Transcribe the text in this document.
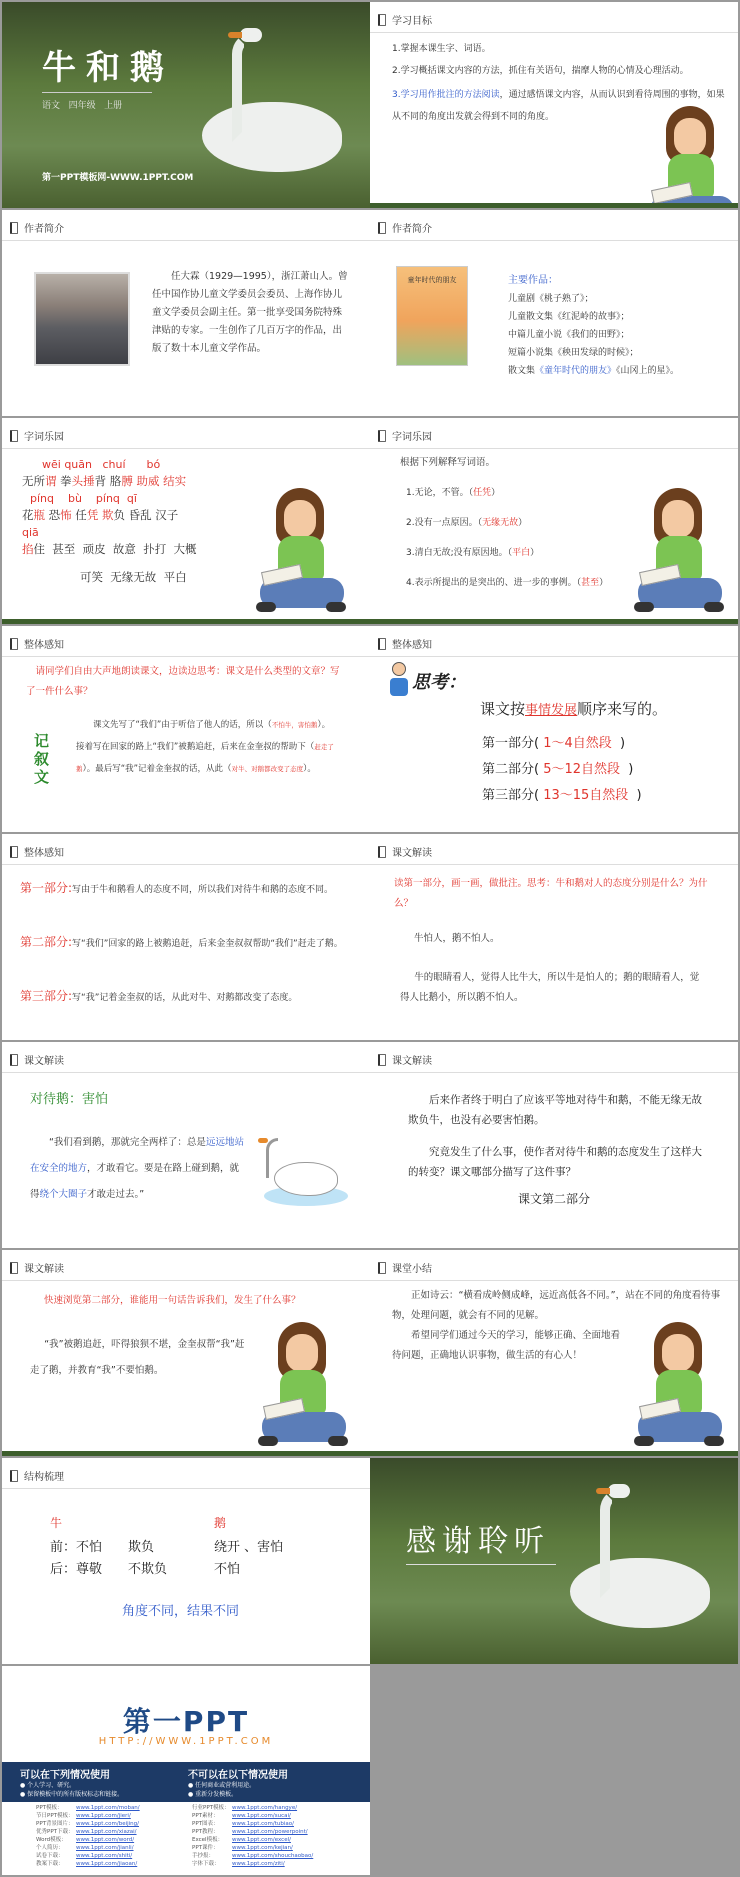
牛和鹅
语文   四年级   上册
第一PPT模板网-WWW.1PPT.COM
学习目标
1.掌握本课生字、词语。
2.学习概括课文内容的方法，抓住有关语句，揣摩人物的心情及心理活动。
3.学习用作批注的方法阅读，通过感悟课文内容，从而认识到看待周围的事物，如果从不同的角度出发就会得到不同的角度。
作者简介
任大霖（1929—1995），浙江萧山人。曾任中国作协儿童文学委员会委员、上海作协儿童文学委员会副主任。第一批享受国务院特殊津贴的专家。一生创作了几百万字的作品，出版了数十本儿童文学作品。
作者简介
童年时代的朋友	主要作品：
儿童剧《桃子熟了》；
儿童散文集《红泥岭的故事》；
中篇儿童小说《我们的田野》；
短篇小说集《秧田发绿的时候》；
散文集《童年时代的朋友》《山冈上的星》。
字词乐园
wēi quān   chuí      bó
无所谓 拳头捶背 胳膊 助威 结实
pínq    bù    pínq  qī
花瓶 恐怖 任凭 欺负 昏乱 汉子
qiā
掐住  甚至  顽皮  故意  扑打  大概
可笑  无缘无故  平白
字词乐园
根据下列解释写词语。
1.无论，不管。（任凭）
2.没有一点原因。（无缘无故）
3.清白无故;没有原因地。（平白）
4.表示所提出的是突出的、进一步的事例。（甚至）
整体感知
请同学们自由大声地朗读课文，边读边思考：课文是什么类型的文章？写了一件什么事？
记叙文
课文先写了“我们”由于听信了他人的话，所以（不怕牛，害怕鹅）。接着写在回家的路上“我们”被鹅追赶，后来在金奎叔的帮助下（赶走了鹅）。最后写“我”记着金奎叔的话，从此（对牛、对鹅都改变了态度）。
整体感知
思考：
课文按事情发展顺序来写的。
第一部分( 1～4自然段  )
第二部分( 5～12自然段  )
第三部分( 13～15自然段  )
整体感知
第一部分:写由于牛和鹅看人的态度不同，所以我们对待牛和鹅的态度不同。
第二部分:写“我们”回家的路上被鹅追赶，后来金奎叔叔帮助“我们”赶走了鹅。
第三部分:写“我”记着金奎叔的话，从此对牛、对鹅都改变了态度。
课文解读
读第一部分，画一画，做批注。思考：牛和鹅对人的态度分别是什么？为什么？
牛怕人，鹅不怕人。
牛的眼睛看人，觉得人比牛大，所以牛是怕人的；鹅的眼睛看人，觉得人比鹅小，所以鹅不怕人。
课文解读
对待鹅：害怕
“我们看到鹅，那就完全两样了：总是远远地站在安全的地方，才敢看它。要是在路上碰到鹅，就得绕个大圈子才敢走过去。”
课文解读
后来作者终于明白了应该平等地对待牛和鹅，不能无缘无故欺负牛，也没有必要害怕鹅。
究竟发生了什么事，使作者对待牛和鹅的态度发生了这样大的转变？课文哪部分描写了这件事？
课文第二部分
课文解读
快速浏览第二部分，谁能用一句话告诉我们，发生了什么事？
“我”被鹅追赶，吓得狼狈不堪，金奎叔帮“我”赶走了鹅，并教育“我”不要怕鹅。
课堂小结
正如诗云：“横看成岭侧成峰，远近高低各不同。”，站在不同的角度看待事物，处理问题，就会有不同的见解。
希望同学们通过今天的学习，能够正确、全面地看待问题，正确地认识事物，做生活的有心人！
结构梳理
牛	鹅
前：不怕 欺负	绕开 、害怕
后：尊敬 不欺负	不怕
角度不同，结果不同
感谢聆听
第一PPT
HTTP://WWW.1PPT.COM
可以在下列情况使用
● 个人学习、研究。
● 保留模板中的所有版权标志和链接。
不可以在以下情况使用
● 任何商业或营利用途。
● 重新分发模板。
PPT模板： www.1ppt.com/moban/
节日PPT模板： www.1ppt.com/jieri/
PPT背景图片： www.1ppt.com/beijing/
优秀PPT下载： www.1ppt.com/xiazai/
Word模板： www.1ppt.com/word/
个人简历： www.1ppt.com/jianli/
试卷下载： www.1ppt.com/shiti/
教案下载： www.1ppt.com/jiaoan/
行业PPT模板： www.1ppt.com/hangye/
PPT素材： www.1ppt.com/sucai/
PPT图表： www.1ppt.com/tubiao/
PPT教程： www.1ppt.com/powerpoint/
Excel模板： www.1ppt.com/excel/
PPT课件： www.1ppt.com/kejian/
手抄报：	www.1ppt.com/shouchaobao/
字体下载： www.1ppt.com/ziti/
